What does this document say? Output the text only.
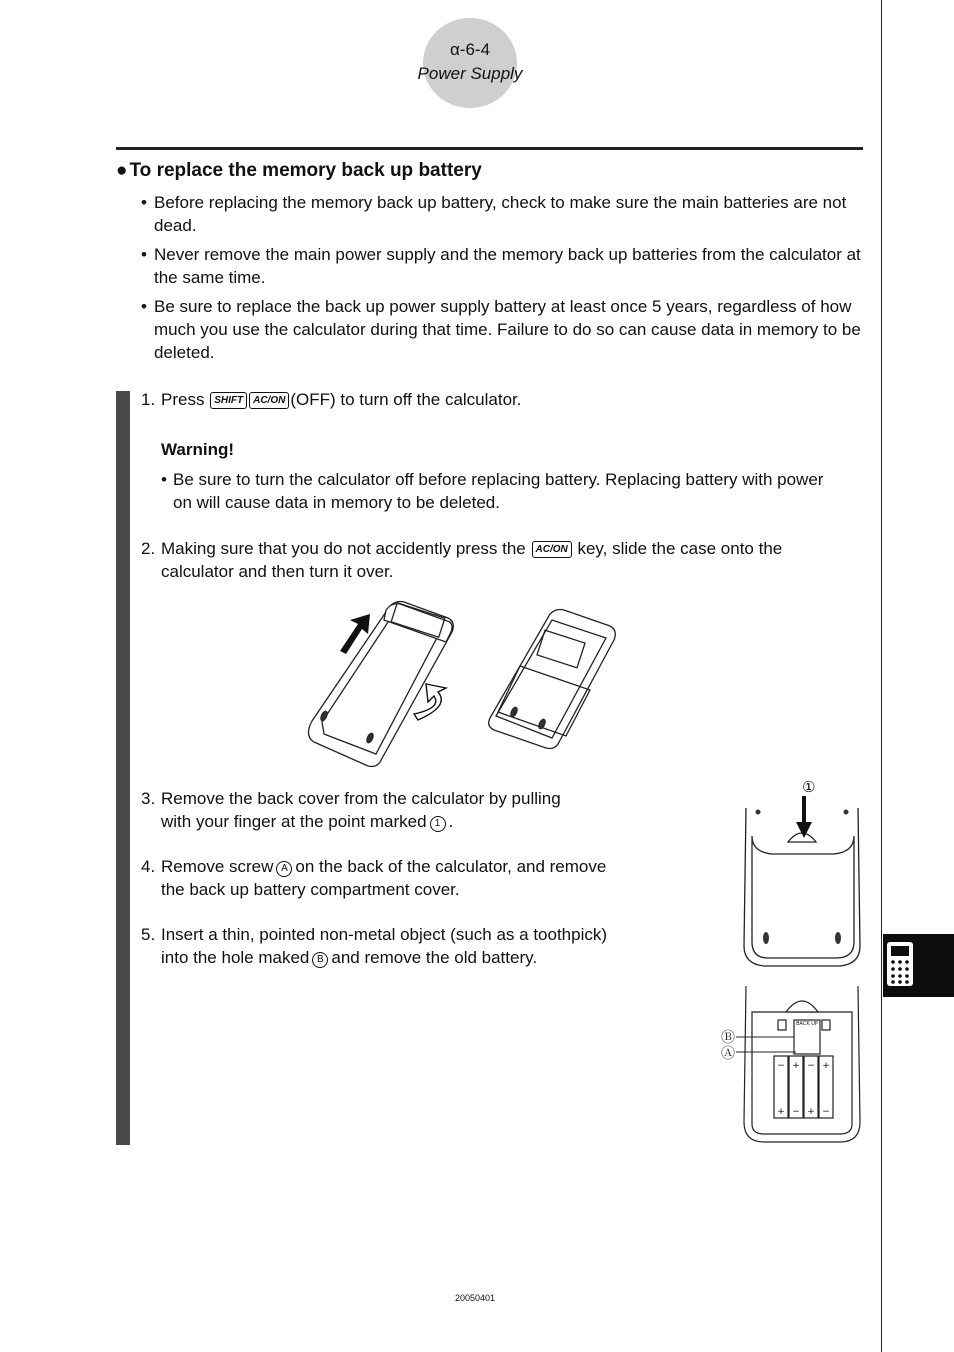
α-6-4
Power Supply
● To replace the memory back up battery
• Before replacing the memory back up battery, check to make sure the main batteries are not dead.
• Never remove the main power supply and the memory back up batteries from the calculator at the same time.
• Be sure to replace the back up power supply battery at least once 5 years, regardless of how much you use the calculator during that time. Failure to do so can cause data in memory to be deleted.
1. Press SHIFT AC/ON (OFF) to turn off the calculator.
Warning!
• Be sure to turn the calculator off before replacing battery. Replacing battery with power on will cause data in memory to be deleted.
2. Making sure that you do not accidently press the AC/ON key, slide the case onto the calculator and then turn it over.
3. Remove the back cover from the calculator by pulling with your finger at the point marked 1 .
4. Remove screw A on the back of the calculator, and remove the back up battery compartment cover.
5. Insert a thin, pointed non-metal object (such as a toothpick) into the hole maked B and remove the old battery.
①
BACK UP
− + − +
+ − + −
Ⓑ
Ⓐ
20050401
